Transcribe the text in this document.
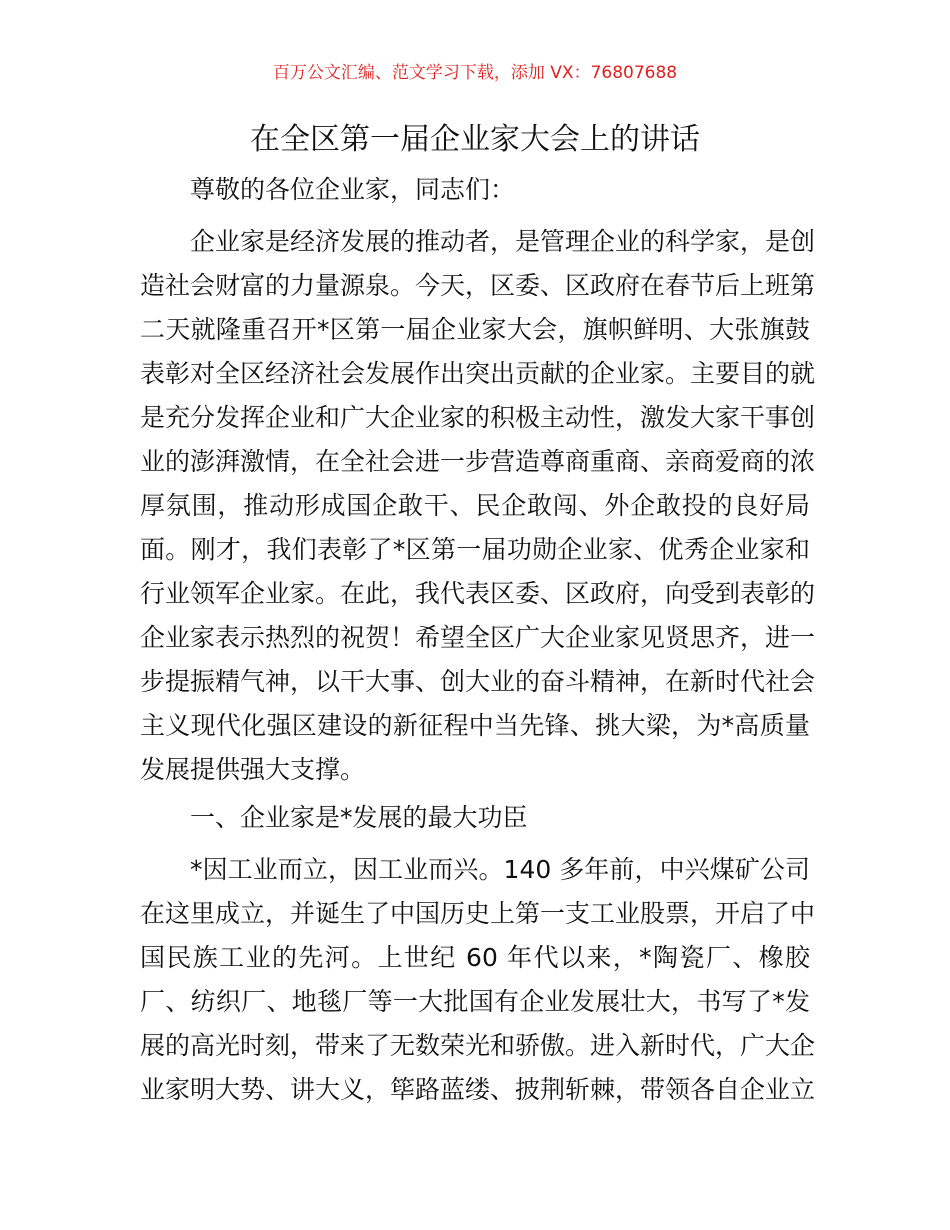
百万公文汇编、范文学习下载，添加 VX：76807688
在全区第一届企业家大会上的讲话
尊敬的各位企业家，同志们：
企业家是经济发展的推动者，是管理企业的科学家，是创
造社会财富的力量源泉。今天，区委、区政府在春节后上班第
二天就隆重召开*区第一届企业家大会，旗帜鲜明、大张旗鼓
表彰对全区经济社会发展作出突出贡献的企业家。主要目的就
是充分发挥企业和广大企业家的积极主动性，激发大家干事创
业的澎湃激情，在全社会进一步营造尊商重商、亲商爱商的浓
厚氛围，推动形成国企敢干、民企敢闯、外企敢投的良好局
面。刚才，我们表彰了*区第一届功勋企业家、优秀企业家和
行业领军企业家。在此，我代表区委、区政府，向受到表彰的
企业家表示热烈的祝贺！希望全区广大企业家见贤思齐，进一
步提振精气神，以干大事、创大业的奋斗精神，在新时代社会
主义现代化强区建设的新征程中当先锋、挑大梁，为*高质量
发展提供强大支撑。
一、企业家是*发展的最大功臣
*因工业而立，因工业而兴。140 多年前，中兴煤矿公司
在这里成立，并诞生了中国历史上第一支工业股票，开启了中
国民族工业的先河。上世纪 60 年代以来，*陶瓷厂、橡胶
厂、纺织厂、地毯厂等一大批国有企业发展壮大，书写了*发
展的高光时刻，带来了无数荣光和骄傲。进入新时代，广大企
业家明大势、讲大义，筚路蓝缕、披荆斩棘，带领各自企业立
